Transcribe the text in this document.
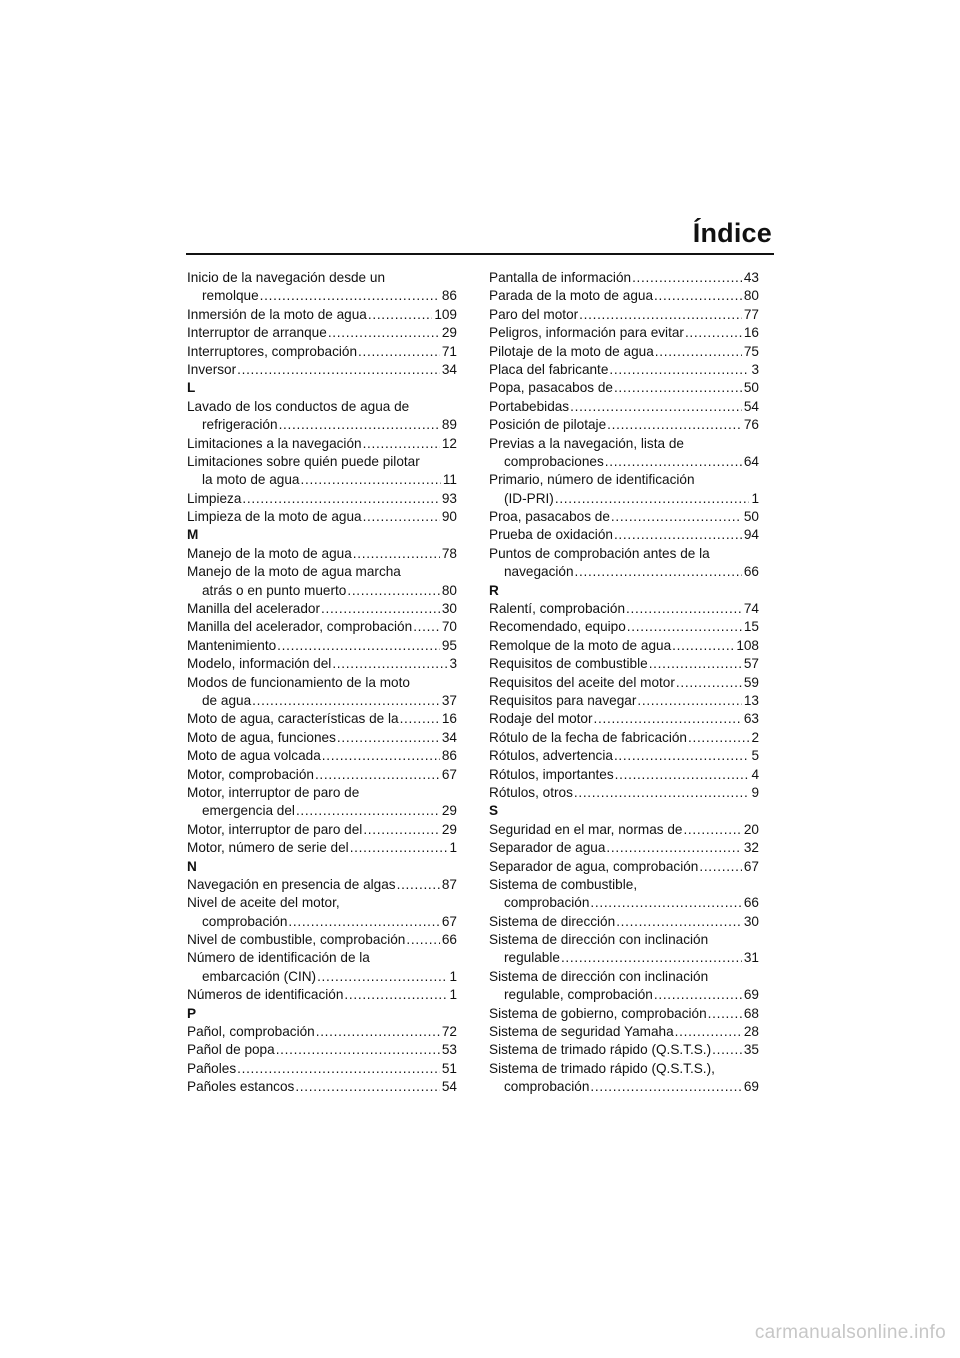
Índice
Inicio de la navegación desde un
remolque .....	86
Inmersión de la moto de agua .....	109
Interruptor de arranque .....	29
Interruptores, comprobación .....	71
Inversor .....	34
L
Lavado de los conductos de agua de
refrigeración .....	89
Limitaciones a la navegación .....	12
Limitaciones sobre quién puede pilotar
la moto de agua .....	11
Limpieza .....	93
Limpieza de la moto de agua .....	90
M
Manejo de la moto de agua .....	78
Manejo de la moto de agua marcha
atrás o en punto muerto .....	80
Manilla del acelerador .....	30
Manilla del acelerador, comprobación ..... 70
Mantenimiento .....	95
Modelo, información del .....	3
Modos de funcionamiento de la moto
de agua .....	37
Moto de agua, características de la .....	16
Moto de agua, funciones .....	34
Moto de agua volcada .....	86
Motor, comprobación .....	67
Motor, interruptor de paro de
emergencia del .....	29
Motor, interruptor de paro del .....	29
Motor, número de serie del .....	1
N
Navegación en presencia de algas .....	87
Nivel de aceite del motor,
comprobación .....	67
Nivel de combustible, comprobación .....	66
Número de identificación de la
embarcación (CIN) .....	1
Números de identificación .....	1
P
Pañol, comprobación .....	72
Pañol de popa .....	53
Pañoles .....	51
Pañoles estancos .....	54
Pantalla de información .....	43
Parada de la moto de agua .....	80
Paro del motor .....	77
Peligros, información para evitar .....	16
Pilotaje de la moto de agua .....	75
Placa del fabricante .....	3
Popa, pasacabos de .....	50
Portabebidas .....	54
Posición de pilotaje .....	76
Previas a la navegación, lista de
comprobaciones .....	64
Primario, número de identificación
(ID-PRI) .....	1
Proa, pasacabos de .....	50
Prueba de oxidación .....	94
Puntos de comprobación antes de la
navegación .....	66
R
Ralentí, comprobación .....	74
Recomendado, equipo .....	15
Remolque de la moto de agua .....	108
Requisitos de combustible .....	57
Requisitos del aceite del motor .....	59
Requisitos para navegar .....	13
Rodaje del motor .....	63
Rótulo de la fecha de fabricación .....	2
Rótulos, advertencia .....	5
Rótulos, importantes .....	4
Rótulos, otros .....	9
S
Seguridad en el mar, normas de .....	20
Separador de agua .....	32
Separador de agua, comprobación .....	67
Sistema de combustible,
comprobación .....	66
Sistema de dirección .....	30
Sistema de dirección con inclinación
regulable .....	31
Sistema de dirección con inclinación
regulable, comprobación .....	69
Sistema de gobierno, comprobación .....	68
Sistema de seguridad Yamaha .....	28
Sistema de trimado rápido (Q.S.T.S.) ..... 35
Sistema de trimado rápido (Q.S.T.S.),
comprobación .....	69
carmanualsonline.info
